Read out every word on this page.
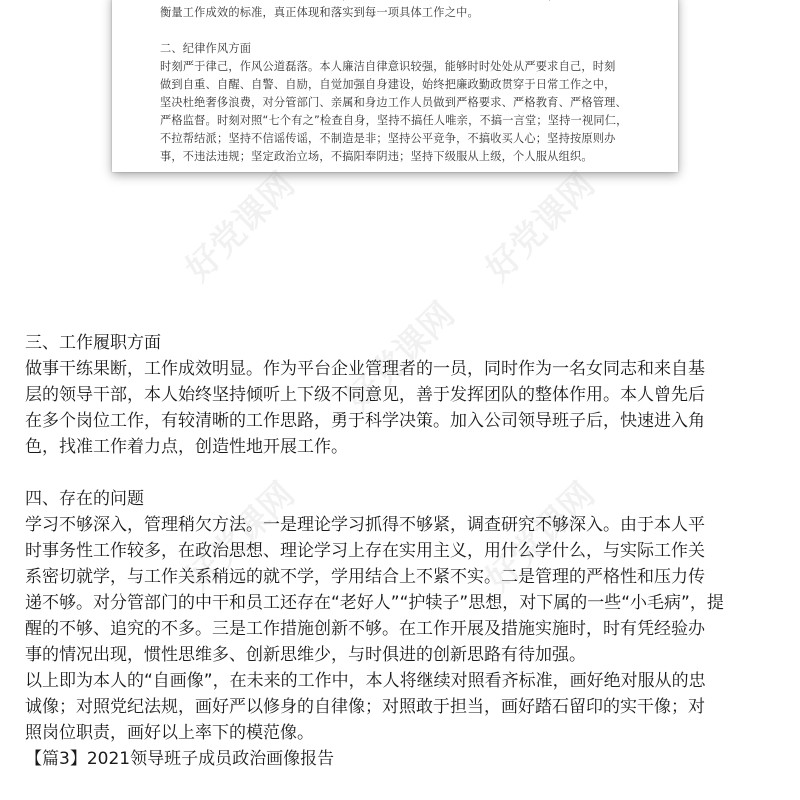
衡量工作成效的标准，真正体现和落实到每一项具体工作之中。
二、纪律作风方面
时刻严于律己，作风公道磊落。本人廉洁自律意识较强，能够时时处处从严要求自己，时刻
做到自重、自醒、自警、自励，自觉加强自身建设，始终把廉政勤政贯穿于日常工作之中，
坚决杜绝奢侈浪费，对分管部门、亲属和身边工作人员做到严格要求、严格教育、严格管理、
严格监督。时刻对照“七个有之”检查自身，坚持不搞任人唯亲，不搞一言堂；坚持一视同仁，
不拉帮结派；坚持不信谣传谣，不制造是非；坚持公平竞争，不搞收买人心；坚持按原则办
事，不违法违规；坚定政治立场，不搞阳奉阴违；坚持下级服从上级，个人服从组织。
好党课网	好党课网
好党课网
好党课网	好党课网
三、工作履职方面
做事干练果断，工作成效明显。作为平台企业管理者的一员，同时作为一名女同志和来自基
层的领导干部，本人始终坚持倾听上下级不同意见，善于发挥团队的整体作用。本人曾先后
在多个岗位工作，有较清晰的工作思路，勇于科学决策。加入公司领导班子后，快速进入角
色，找准工作着力点，创造性地开展工作。
四、存在的问题
学习不够深入，管理稍欠方法。一是理论学习抓得不够紧，调查研究不够深入。由于本人平
时事务性工作较多，在政治思想、理论学习上存在实用主义，用什么学什么，与实际工作关
系密切就学，与工作关系稍远的就不学，学用结合上不紧不实。二是管理的严格性和压力传
递不够。对分管部门的中干和员工还存在“老好人”“护犊子”思想，对下属的一些“小毛病”，提
醒的不够、追究的不多。三是工作措施创新不够。在工作开展及措施实施时，时有凭经验办
事的情况出现，惯性思维多、创新思维少，与时俱进的创新思路有待加强。
以上即为本人的“自画像”，在未来的工作中，本人将继续对照看齐标准，画好绝对服从的忠
诚像；对照党纪法规，画好严以修身的自律像；对照敢于担当，画好踏石留印的实干像；对
照岗位职责，画好以上率下的模范像。
【篇3】2021领导班子成员政治画像报告
